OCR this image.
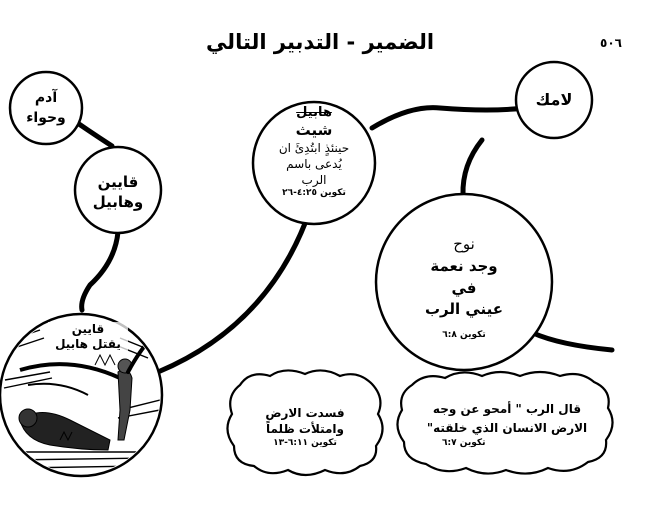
الضمير - التدبير التالي	٥٠٦
آدم
وحواء
قايين
وهابيل
هابيل
شيث
حينئذٍ ابتُدِئَ ان
يُدعى باسم
الرب
تكوين ٤:٢٥-٢٦
لامك
نوح
وجد نعمة
في
عيني الرب
تكوين ٦:٨
قايين
يقتل هابيل
فسدت الارض
وامتلأت ظلماً
تكوين ٦:١١-١٣
قال الرب " أمحو عن وجه
الارض الانسان الذي خلقته"
تكوين ٦:٧
